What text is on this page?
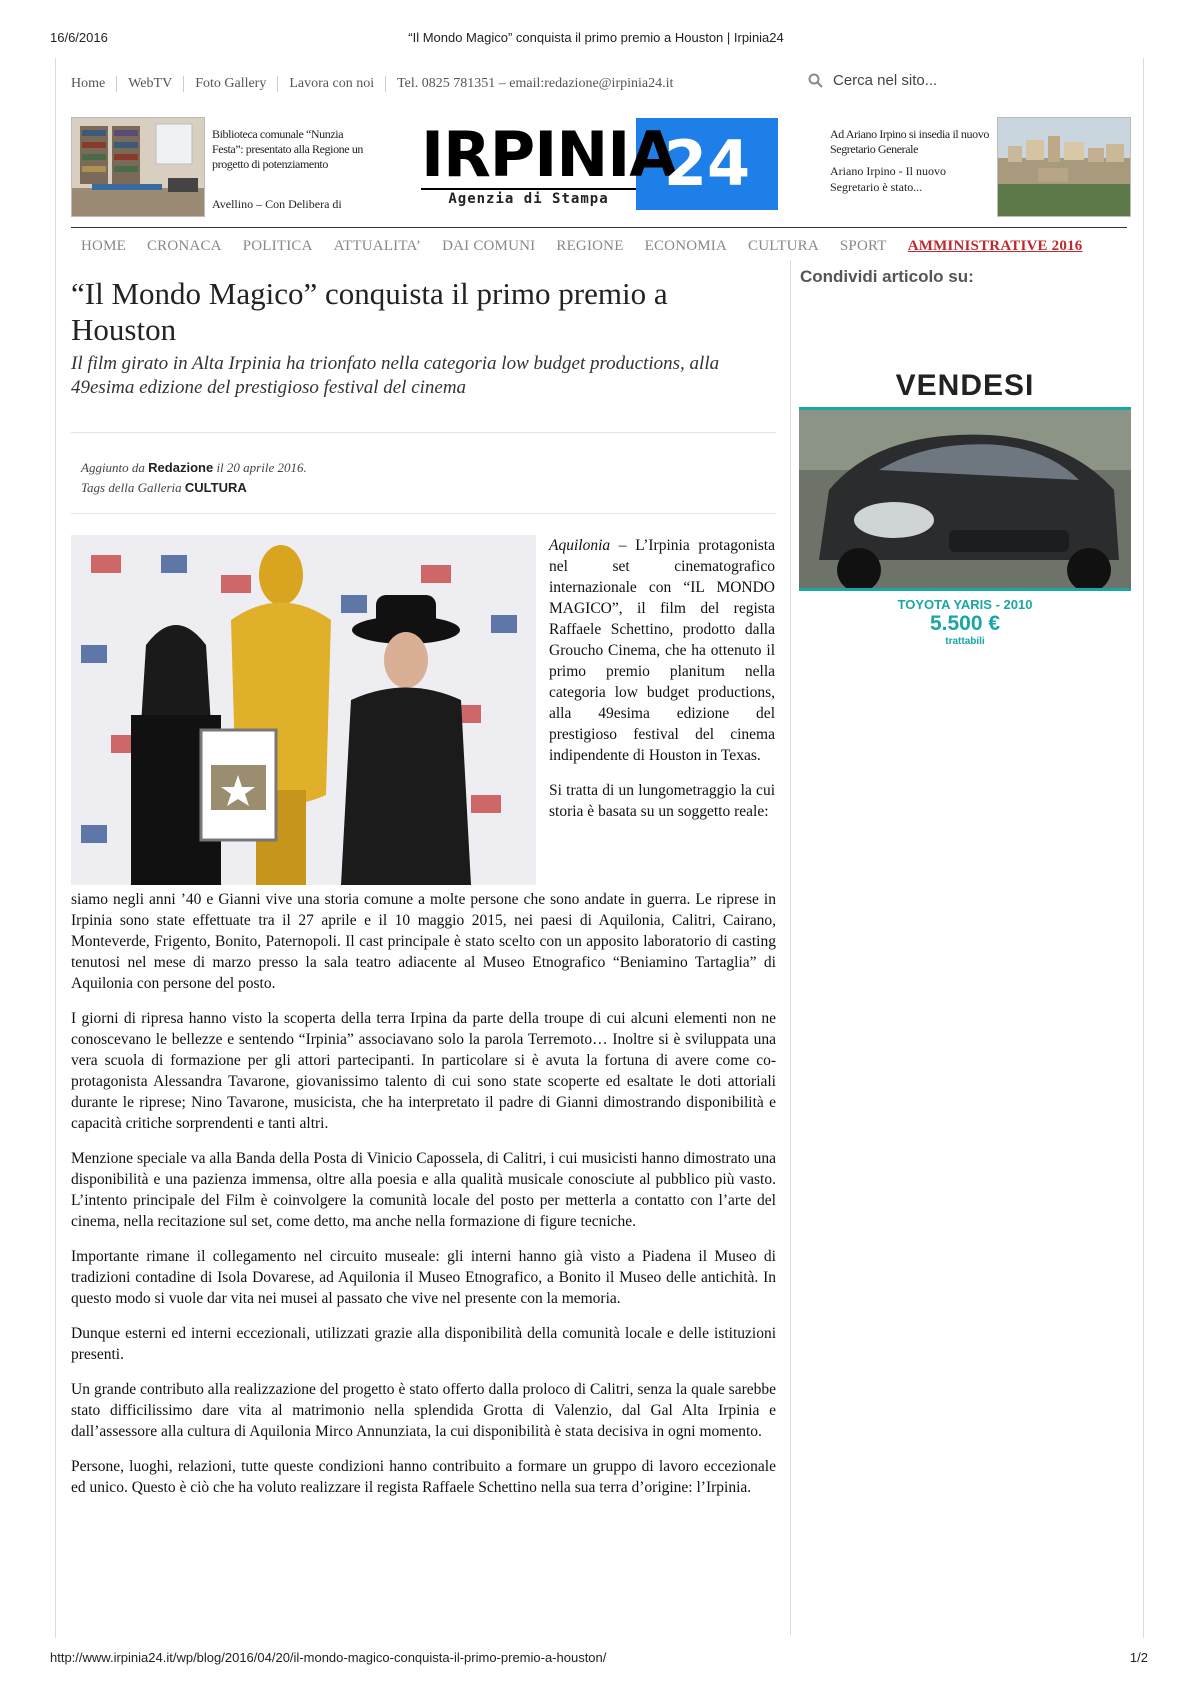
16/6/2016	“Il Mondo Magico” conquista il primo premio a Houston | Irpinia24
Home	WebTV	Foto Gallery	Lavora con noi	Tel. 0825 781351 – email:redazione@irpinia24.it	Cerca nel sito...
Biblioteca comunale “Nunzia Festa”: presentato alla Regione un progetto di potenziamento
Avellino – Con Delibera di
IRPINIA
24
Agenzia di Stampa
Ad Ariano Irpino si insedia il nuovo Segretario Generale
Ariano Irpino - Il nuovo Segretario è stato...
HOME CRONACA POLITICA ATTUALITA’ DAI COMUNI REGIONE ECONOMIA CULTURA SPORT AMMINISTRATIVE 2016
“Il Mondo Magico” conquista il primo premio a Houston
Il film girato in Alta Irpinia ha trionfato nella categoria low budget productions, alla 49esima edizione del prestigioso festival del cinema
Aggiunto da Redazione il 20 aprile 2016.
Tags della Galleria CULTURA

Aquilonia – L’Irpinia protagonista nel set cinematografico internazionale con “IL MONDO MAGICO”, il film del regista Raffaele Schettino, prodotto dalla Groucho Cinema, che ha ottenuto il primo premio planitum nella categoria low budget productions, alla 49esima edizione del prestigioso festival del cinema indipendente di Houston in Texas.

Si tratta di un lungometraggio la cui storia è basata su un soggetto reale:

siamo negli anni ’40 e Gianni vive una storia comune a molte persone che sono andate in guerra. Le riprese in Irpinia sono state effettuate tra il 27 aprile e il 10 maggio 2015, nei paesi di Aquilonia, Calitri, Cairano, Monteverde, Frigento, Bonito, Paternopoli. Il cast principale è stato scelto con un apposito laboratorio di casting tenutosi nel mese di marzo presso la sala teatro adiacente al Museo Etnografico “Beniamino Tartaglia” di Aquilonia con persone del posto.

I giorni di ripresa hanno visto la scoperta della terra Irpina da parte della troupe di cui alcuni elementi non ne conoscevano le bellezze e sentendo “Irpinia” associavano solo la parola Terremoto… Inoltre si è sviluppata una vera scuola di formazione per gli attori partecipanti. In particolare si è avuta la fortuna di avere come co-protagonista Alessandra Tavarone, giovanissimo talento di cui sono state scoperte ed esaltate le doti attoriali durante le riprese; Nino Tavarone, musicista, che ha interpretato il padre di Gianni dimostrando disponibilità e capacità critiche sorprendenti e tanti altri.

Menzione speciale va alla Banda della Posta di Vinicio Capossela, di Calitri, i cui musicisti hanno dimostrato una disponibilità e una pazienza immensa, oltre alla poesia e alla qualità musicale conosciute al pubblico più vasto. L’intento principale del Film è coinvolgere la comunità locale del posto per metterla a contatto con l’arte del cinema, nella recitazione sul set, come detto, ma anche nella formazione di figure tecniche.

Importante rimane il collegamento nel circuito museale: gli interni hanno già visto a Piadena il Museo di tradizioni contadine di Isola Dovarese, ad Aquilonia il Museo Etnografico, a Bonito il Museo delle antichità. In questo modo si vuole dar vita nei musei al passato che vive nel presente con la memoria.

Dunque esterni ed interni eccezionali, utilizzati grazie alla disponibilità della comunità locale e delle istituzioni presenti.

Un grande contributo alla realizzazione del progetto è stato offerto dalla proloco di Calitri, senza la quale sarebbe stato difficilissimo dare vita al matrimonio nella splendida Grotta di Valenzio, dal Gal Alta Irpinia e dall’assessore alla cultura di Aquilonia Mirco Annunziata, la cui disponibilità è stata decisiva in ogni momento.

Persone, luoghi, relazioni, tutte queste condizioni hanno contribuito a formare un gruppo di lavoro eccezionale ed unico. Questo è ciò che ha voluto realizzare il regista Raffaele Schettino nella sua terra d’origine: l’Irpinia.

Condividi articolo su:
VENDESI
TOYOTA YARIS - 2010
5.500 €
trattabili
http://www.irpinia24.it/wp/blog/2016/04/20/il-mondo-magico-conquista-il-primo-premio-a-houston/	1/2
